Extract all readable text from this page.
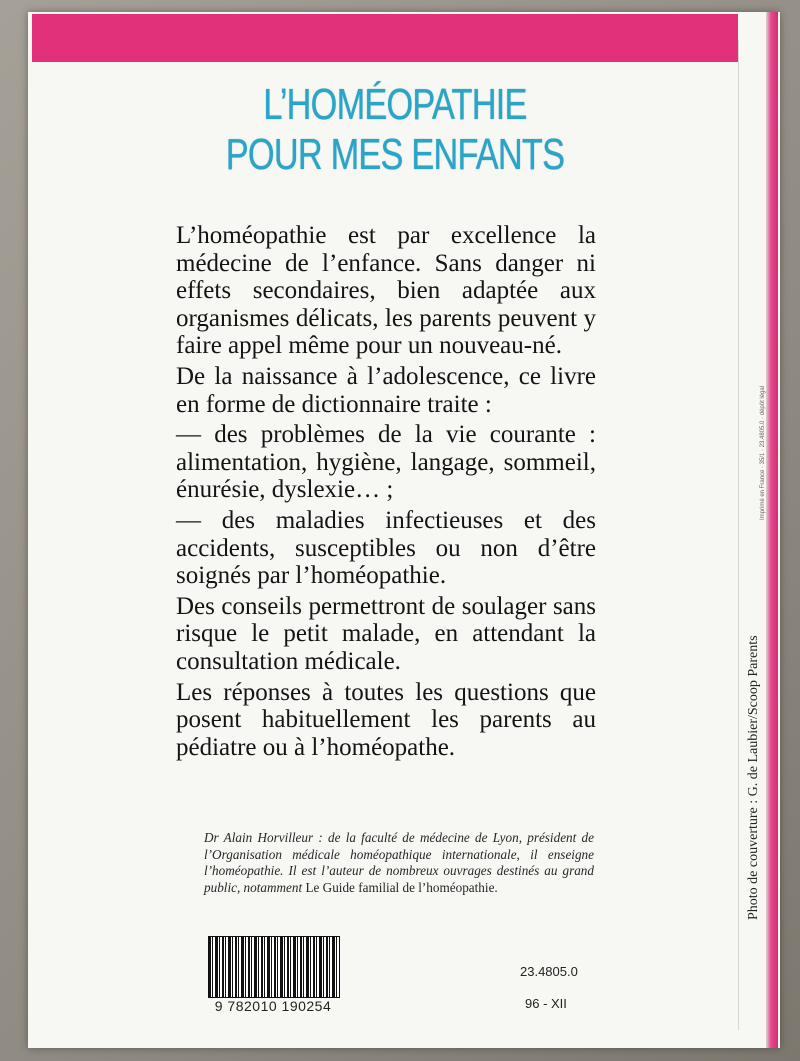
L’HOMÉOPATHIE
POUR MES ENFANTS

L’homéopathie est par excellence la médecine de l’enfance. Sans danger ni effets secondaires, bien adaptée aux organismes délicats, les parents peuvent y faire appel même pour un nouveau-né.

De la naissance à l’adolescence, ce livre en forme de dictionnaire traite :

— des problèmes de la vie courante : alimentation, hygiène, langage, sommeil, énurésie, dyslexie… ;

— des maladies infectieuses et des accidents, susceptibles ou non d’être soignés par l’homéopathie.

Des conseils permettront de soulager sans risque le petit malade, en attendant la consultation médicale.

Les réponses à toutes les questions que posent habituellement les parents au pédiatre ou à l’homéopathe.

Dr Alain Horvilleur : de la faculté de médecine de Lyon, président de l’Organisation médicale homéopathique internationale, il enseigne l’homéopathie. Il est l’auteur de nombreux ouvrages destinés au grand public, notamment Le Guide familial de l’homéopathie.
9 782010 190254
23.4805.0
96 - XII
Photo de couverture : G. de Laubier/Scoop Parents
Imprimé en France · 35/1 · 23.4805.0 · dépôt légal
